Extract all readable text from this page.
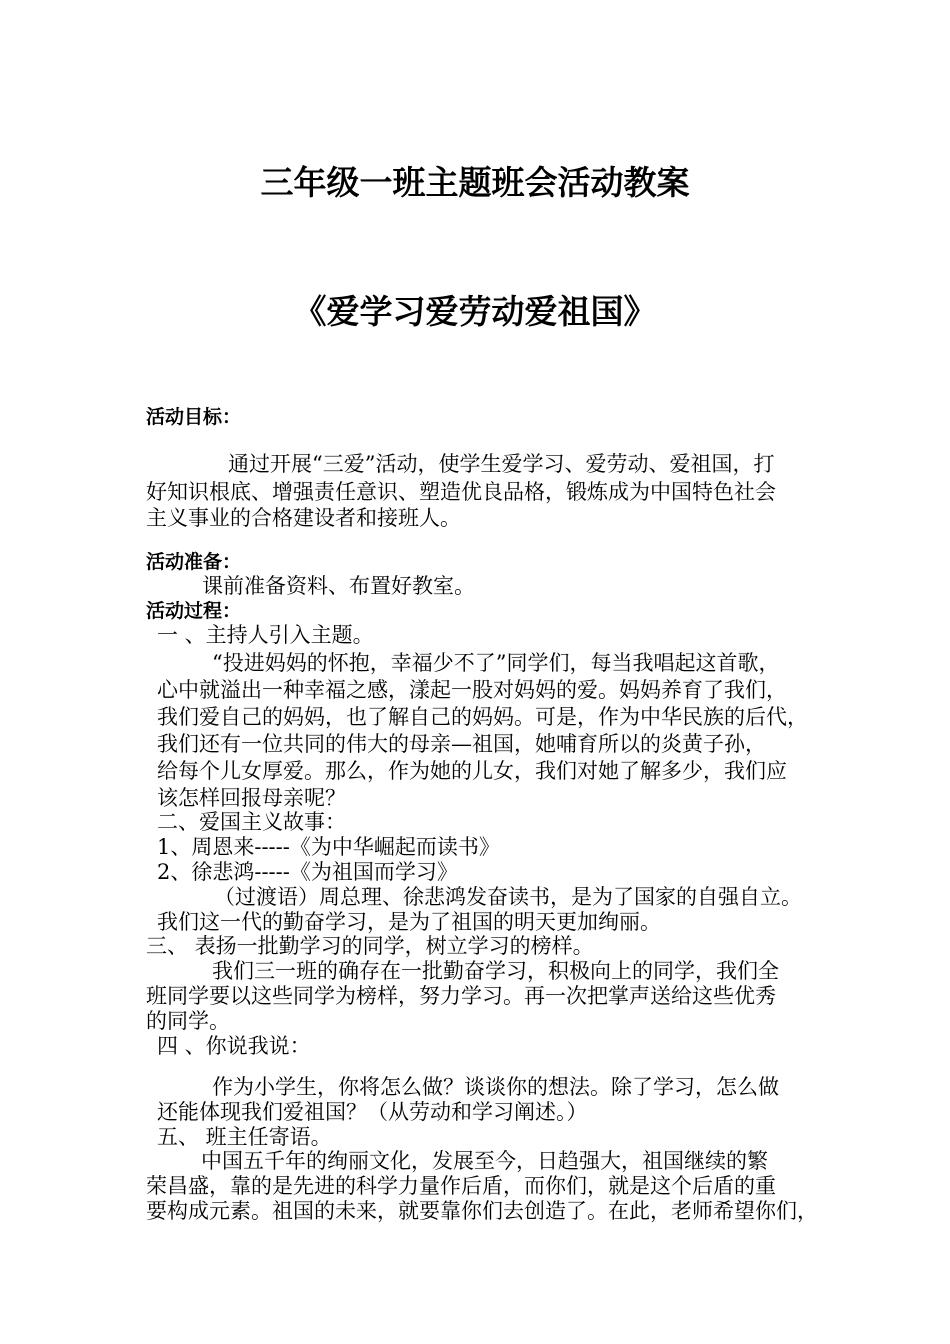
三年级一班主题班会活动教案
《爱学习爱劳动爱祖国》
活动目标：
通过开展“三爱”活动，使学生爱学习、爱劳动、爱祖国，打
好知识根底、增强责任意识、塑造优良品格，锻炼成为中国特色社会
主义事业的合格建设者和接班人。
活动准备：
课前准备资料、布置好教室。
活动过程：
一 、主持人引入主题。
“投进妈妈的怀抱，幸福少不了”同学们，每当我唱起这首歌，
心中就溢出一种幸福之感，漾起一股对妈妈的爱。妈妈养育了我们，
我们爱自己的妈妈，也了解自己的妈妈。可是，作为中华民族的后代，
我们还有一位共同的伟大的母亲—祖国，她哺育所以的炎黄子孙，
给每个儿女厚爱。那么，作为她的儿女，我们对她了解多少，我们应
该怎样回报母亲呢？
二、爱国主义故事：
1、周恩来-----《为中华崛起而读书》
2、徐悲鸿-----《为祖国而学习》
（过渡语）周总理、徐悲鸿发奋读书，是为了国家的自强自立。
我们这一代的勤奋学习，是为了祖国的明天更加绚丽。
三、 表扬一批勤学习的同学，树立学习的榜样。
我们三一班的确存在一批勤奋学习，积极向上的同学，我们全
班同学要以这些同学为榜样，努力学习。再一次把掌声送给这些优秀
的同学。
四 、你说我说：
作为小学生，你将怎么做？谈谈你的想法。除了学习，怎么做
还能体现我们爱祖国？（从劳动和学习阐述。）
五、 班主任寄语。
中国五千年的绚丽文化，发展至今，日趋强大，祖国继续的繁
荣昌盛，靠的是先进的科学力量作后盾，而你们，就是这个后盾的重
要构成元素。祖国的未来，就要靠你们去创造了。在此，老师希望你们，
